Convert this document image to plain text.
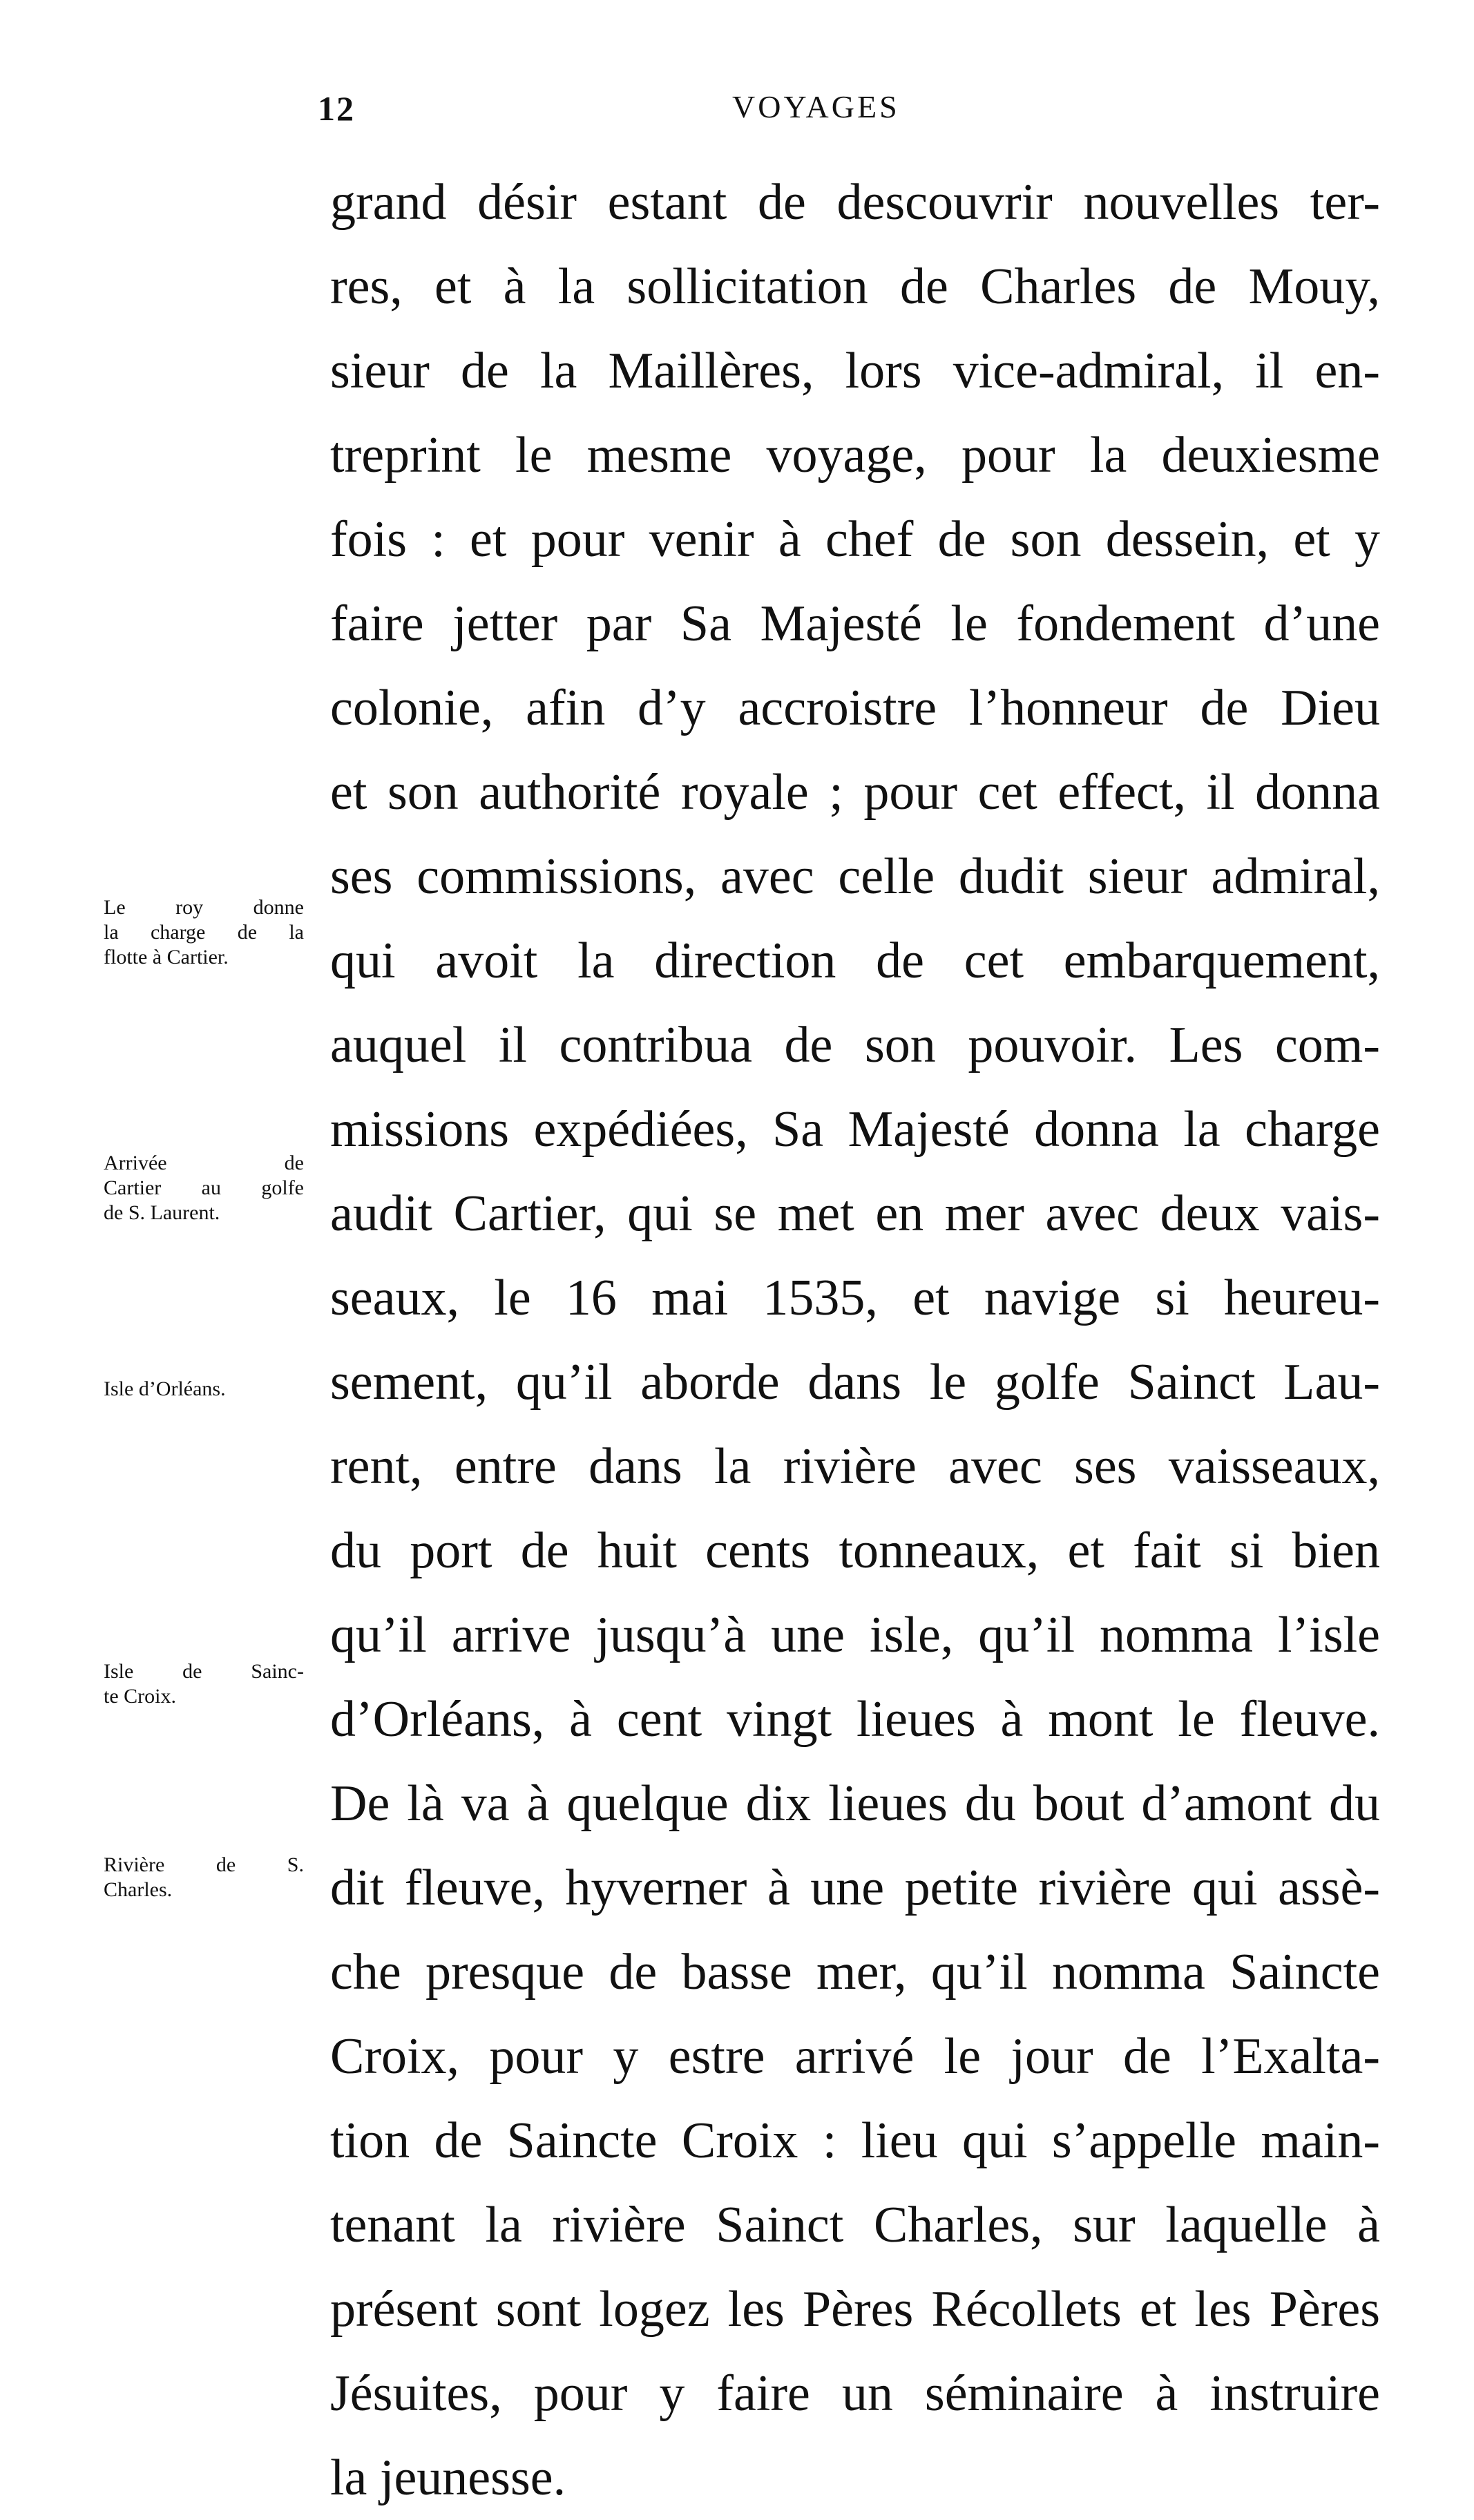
12	VOYAGES
grand désir estant de descouvrir nouvelles ter-
res, et à la sollicitation de Charles de Mouy,
sieur de la Maillères, lors vice-admiral, il en-
treprint le mesme voyage, pour la deuxiesme
fois : et pour venir à chef de son dessein, et y
faire jetter par Sa Majesté le fondement d’une
colonie, afin d’y accroistre l’honneur de Dieu
et son authorité royale ; pour cet effect, il donna
ses commissions, avec celle dudit sieur admiral,
qui avoit la direction de cet embarquement,
auquel il contribua de son pouvoir. Les com-
missions expédiées, Sa Majesté donna la charge
audit Cartier, qui se met en mer avec deux vais-
seaux, le 16 mai 1535, et navige si heureu-
sement, qu’il aborde dans le golfe Sainct Lau-
rent, entre dans la rivière avec ses vaisseaux,
du port de huit cents tonneaux, et fait si bien
qu’il arrive jusqu’à une isle, qu’il nomma l’isle
d’Orléans, à cent vingt lieues à mont le fleuve.
De là va à quelque dix lieues du bout d’amont du
dit fleuve, hyverner à une petite rivière qui assè-
che presque de basse mer, qu’il nomma Saincte
Croix, pour y estre arrivé le jour de l’Exalta-
tion de Saincte Croix : lieu qui s’appelle main-
tenant la rivière Sainct Charles, sur laquelle à
présent sont logez les Pères Récollets et les Pères
Jésuites, pour y faire un séminaire à instruire
la jeunesse.
Le roy donne
la charge de la
flotte à Cartier.
Arrivée de
Cartier au golfe
de S. Laurent.
Isle d’Orléans.
Isle de Sainc-
te Croix.
Rivière de S.
Charles.
